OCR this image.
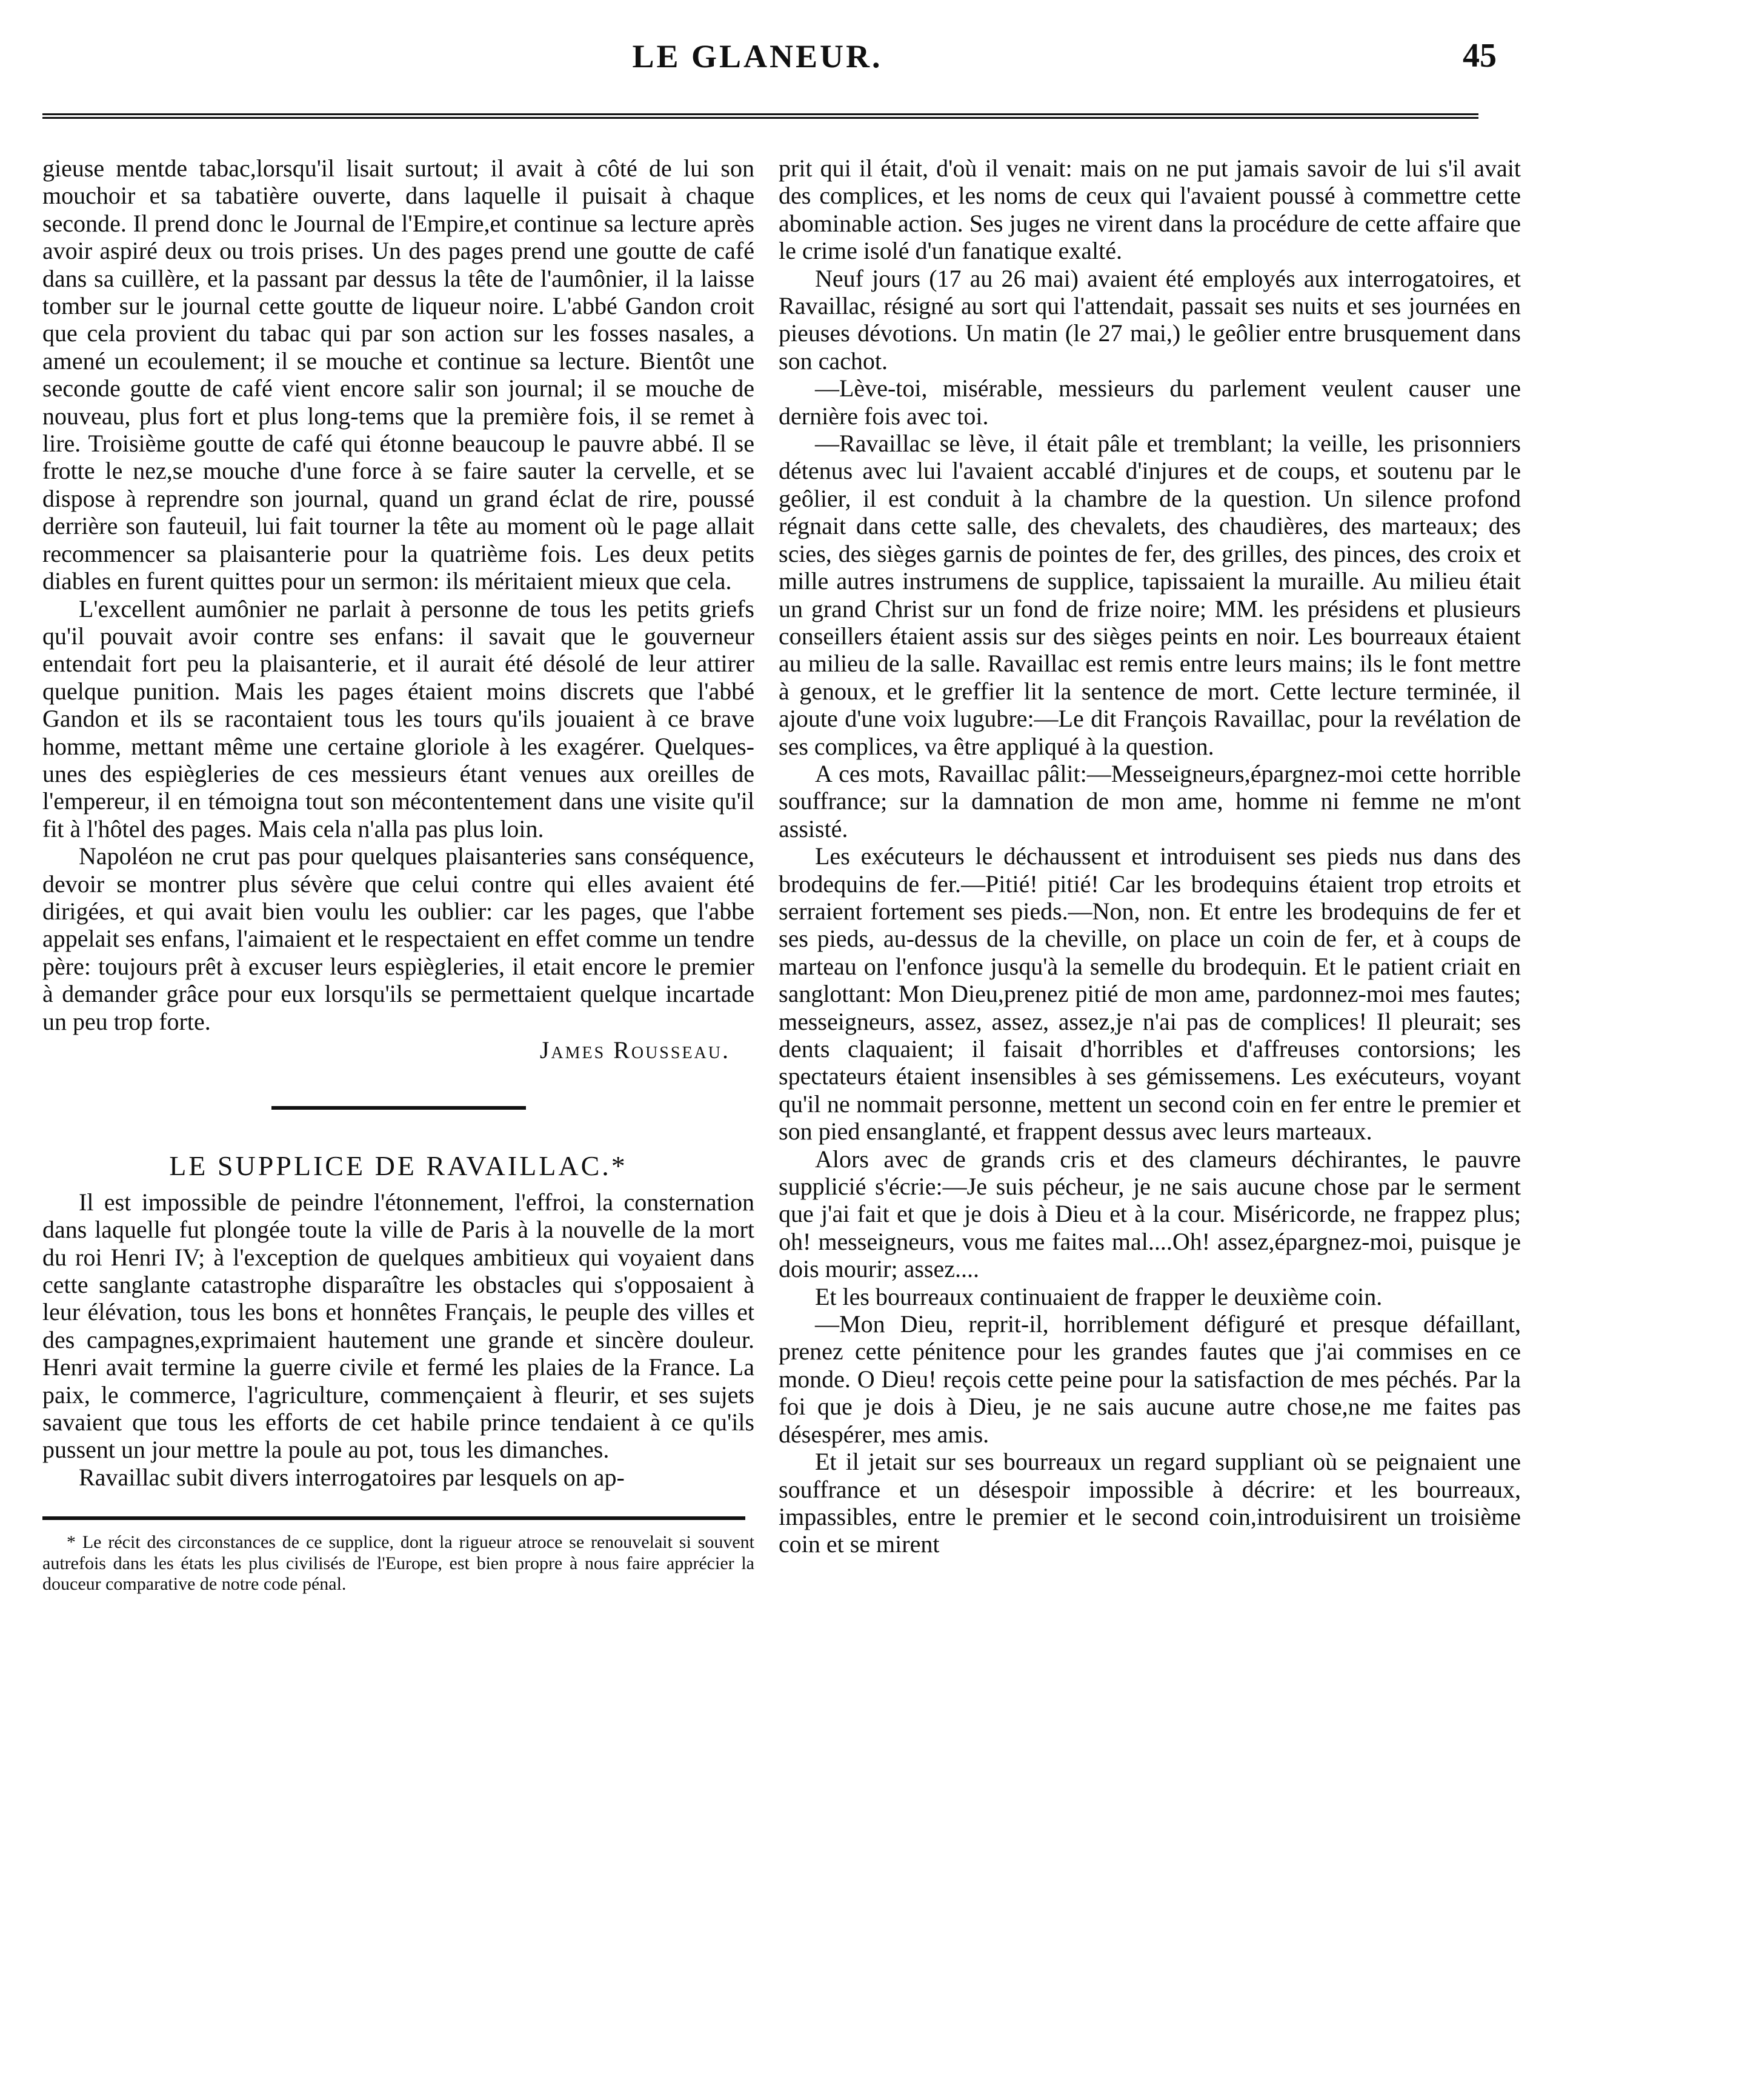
LE GLANEUR.	45

gieuse mentde tabac,lorsqu'il lisait surtout; il avait à côté de lui son mouchoir et sa tabatière ouverte, dans laquelle il puisait à chaque seconde. Il prend donc le Journal de l'Empire,et continue sa lecture après avoir aspiré deux ou trois prises. Un des pages prend une goutte de café dans sa cuillère, et la passant par dessus la tête de l'aumônier, il la laisse tomber sur le journal cette goutte de liqueur noire. L'abbé Gandon croit que cela provient du tabac qui par son action sur les fosses nasales, a amené un ecoulement; il se mouche et continue sa lecture. Bientôt une seconde goutte de café vient encore salir son journal; il se mouche de nouveau, plus fort et plus long-tems que la première fois, il se remet à lire. Troisième goutte de café qui étonne beaucoup le pauvre abbé. Il se frotte le nez,se mouche d'une force à se faire sauter la cervelle, et se dispose à reprendre son journal, quand un grand éclat de rire, poussé derrière son fauteuil, lui fait tourner la tête au moment où le page allait recommencer sa plaisanterie pour la quatrième fois. Les deux petits diables en furent quittes pour un sermon: ils méritaient mieux que cela.

L'excellent aumônier ne parlait à personne de tous les petits griefs qu'il pouvait avoir contre ses enfans: il savait que le gouverneur entendait fort peu la plaisanterie, et il aurait été désolé de leur attirer quelque punition. Mais les pages étaient moins discrets que l'abbé Gandon et ils se racontaient tous les tours qu'ils jouaient à ce brave homme, mettant même une certaine gloriole à les exagérer. Quelques-unes des espiègleries de ces messieurs étant venues aux oreilles de l'empereur, il en témoigna tout son mécontentement dans une visite qu'il fit à l'hôtel des pages. Mais cela n'alla pas plus loin.

Napoléon ne crut pas pour quelques plaisanteries sans conséquence, devoir se montrer plus sévère que celui contre qui elles avaient été dirigées, et qui avait bien voulu les oublier: car les pages, que l'abbe appelait ses enfans, l'aimaient et le respectaient en effet comme un tendre père: toujours prêt à excuser leurs espiègleries, il etait encore le premier à demander grâce pour eux lorsqu'ils se permettaient quelque incartade un peu trop forte.

James Rousseau.
LE SUPPLICE DE RAVAILLAC.*

Il est impossible de peindre l'étonnement, l'effroi, la consternation dans laquelle fut plongée toute la ville de Paris à la nouvelle de la mort du roi Henri IV; à l'exception de quelques ambitieux qui voyaient dans cette sanglante catastrophe disparaître les obstacles qui s'opposaient à leur élévation, tous les bons et honnêtes Français, le peuple des villes et des campagnes,exprimaient hautement une grande et sincère douleur. Henri avait termine la guerre civile et fermé les plaies de la France. La paix, le commerce, l'agriculture, commençaient à fleurir, et ses sujets savaient que tous les efforts de cet habile prince tendaient à ce qu'ils pussent un jour mettre la poule au pot, tous les dimanches.

Ravaillac subit divers interrogatoires par lesquels on ap-

* Le récit des circonstances de ce supplice, dont la rigueur atroce se renouvelait si souvent autrefois dans les états les plus civilisés de l'Europe, est bien propre à nous faire apprécier la douceur comparative de notre code pénal.

prit qui il était, d'où il venait: mais on ne put jamais savoir de lui s'il avait des complices, et les noms de ceux qui l'avaient poussé à commettre cette abominable action. Ses juges ne virent dans la procédure de cette affaire que le crime isolé d'un fanatique exalté.

Neuf jours (17 au 26 mai) avaient été employés aux interrogatoires, et Ravaillac, résigné au sort qui l'attendait, passait ses nuits et ses journées en pieuses dévotions. Un matin (le 27 mai,) le geôlier entre brusquement dans son cachot.

—Lève-toi, misérable, messieurs du parlement veulent causer une dernière fois avec toi.

—Ravaillac se lève, il était pâle et tremblant; la veille, les prisonniers détenus avec lui l'avaient accablé d'injures et de coups, et soutenu par le geôlier, il est conduit à la chambre de la question. Un silence profond régnait dans cette salle, des chevalets, des chaudières, des marteaux; des scies, des sièges garnis de pointes de fer, des grilles, des pinces, des croix et mille autres instrumens de supplice, tapissaient la muraille. Au milieu était un grand Christ sur un fond de frize noire; MM. les présidens et plusieurs conseillers étaient assis sur des sièges peints en noir. Les bourreaux étaient au milieu de la salle. Ravaillac est remis entre leurs mains; ils le font mettre à genoux, et le greffier lit la sentence de mort. Cette lecture terminée, il ajoute d'une voix lugubre:—Le dit François Ravaillac, pour la revélation de ses complices, va être appliqué à la question.

A ces mots, Ravaillac pâlit:—Messeigneurs,épargnez-moi cette horrible souffrance; sur la damnation de mon ame, homme ni femme ne m'ont assisté.

Les exécuteurs le déchaussent et introduisent ses pieds nus dans des brodequins de fer.—Pitié! pitié! Car les brodequins étaient trop etroits et serraient fortement ses pieds.—Non, non. Et entre les brodequins de fer et ses pieds, au-dessus de la cheville, on place un coin de fer, et à coups de marteau on l'enfonce jusqu'à la semelle du brodequin. Et le patient criait en sanglottant: Mon Dieu,prenez pitié de mon ame, pardonnez-moi mes fautes; messeigneurs, assez, assez, assez,je n'ai pas de complices! Il pleurait; ses dents claquaient; il faisait d'horribles et d'affreuses contorsions; les spectateurs étaient insensibles à ses gémissemens. Les exécuteurs, voyant qu'il ne nommait personne, mettent un second coin en fer entre le premier et son pied ensanglanté, et frappent dessus avec leurs marteaux.

Alors avec de grands cris et des clameurs déchirantes, le pauvre supplicié s'écrie:—Je suis pécheur, je ne sais aucune chose par le serment que j'ai fait et que je dois à Dieu et à la cour. Miséricorde, ne frappez plus; oh! messeigneurs, vous me faites mal....Oh! assez,épargnez-moi, puisque je dois mourir; assez....

Et les bourreaux continuaient de frapper le deuxième coin.

—Mon Dieu, reprit-il, horriblement défiguré et presque défaillant, prenez cette pénitence pour les grandes fautes que j'ai commises en ce monde. O Dieu! reçois cette peine pour la satisfaction de mes péchés. Par la foi que je dois à Dieu, je ne sais aucune autre chose,ne me faites pas désespérer, mes amis.

Et il jetait sur ses bourreaux un regard suppliant où se peignaient une souffrance et un désespoir impossible à décrire: et les bourreaux, impassibles, entre le premier et le second coin,introduisirent un troisième coin et se mirent
